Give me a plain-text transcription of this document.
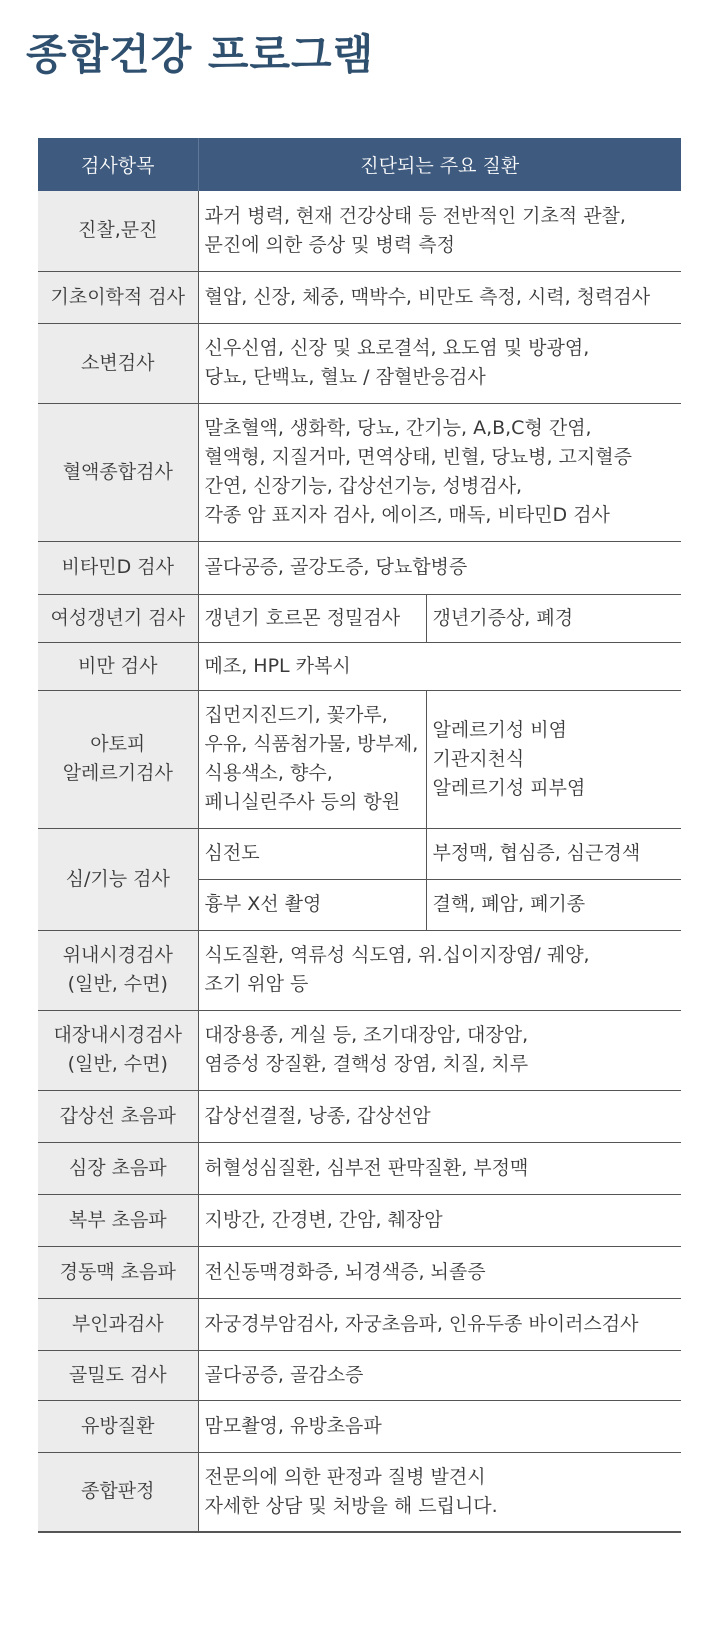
종합건강 프로그램
검사항목	진단되는 주요 질환	
진찰,문진	과거 병력, 현재 건강상태 등 전반적인 기초적 관찰,
문진에 의한 증상 및 병력 측정	

기초이학적 검사	혈압, 신장, 체중, 맥박수, 비만도 측정, 시력, 청력검사	

소변검사	신우신염, 신장 및 요로결석, 요도염 및 방광염,
당뇨, 단백뇨, 혈뇨 / 잠혈반응검사	

혈액종합검사	말초혈액, 생화학, 당뇨, 간기능, A,B,C형 간염,
혈액형, 지질거마, 면역상태, 빈혈, 당뇨병, 고지혈증
간연, 신장기능, 갑상선기능, 성병검사,
각종 암 표지자 검사, 에이즈, 매독, 비타민D 검사	

비타민D 검사	골다공증, 골강도증, 당뇨합병증	

여성갱년기 검사	갱년기 호르몬 정밀검사	갱년기증상, 폐경
비만 검사	메조, HPL 카복시	

아토피
알레르기검사	집먼지진드기, 꽃가루,
우유, 식품첨가물, 방부제,
식용색소, 향수,
페니실린주사 등의 항원	알레르기성 비염
기관지천식
알레르기성 피부염

심/기능 검사	심전도	부정맥, 협심증, 심근경색
	흉부 X선 촬영	결핵, 폐암, 폐기종

위내시경검사
(일반, 수면)	식도질환, 역류성 식도염, 위.십이지장염/ 궤양,
조기 위암 등	

대장내시경검사
(일반, 수면)	대장용종, 게실 등, 조기대장암, 대장암,
염증성 장질환, 결핵성 장염, 치질, 치루	

갑상선 초음파	갑상선결절, 낭종, 갑상선암	

심장 초음파	허혈성심질환, 심부전 판막질환, 부정맥	

복부 초음파	지방간, 간경변, 간암, 췌장암	

경동맥 초음파	전신동맥경화증, 뇌경색증, 뇌졸증	

부인과검사	자궁경부암검사, 자궁초음파, 인유두종 바이러스검사	

골밀도 검사	골다공증, 골감소증	

유방질환	맘모촬영, 유방초음파	

종합판정	전문의에 의한 판정과 질병 발견시
자세한 상담 및 처방을 해 드립니다.	
